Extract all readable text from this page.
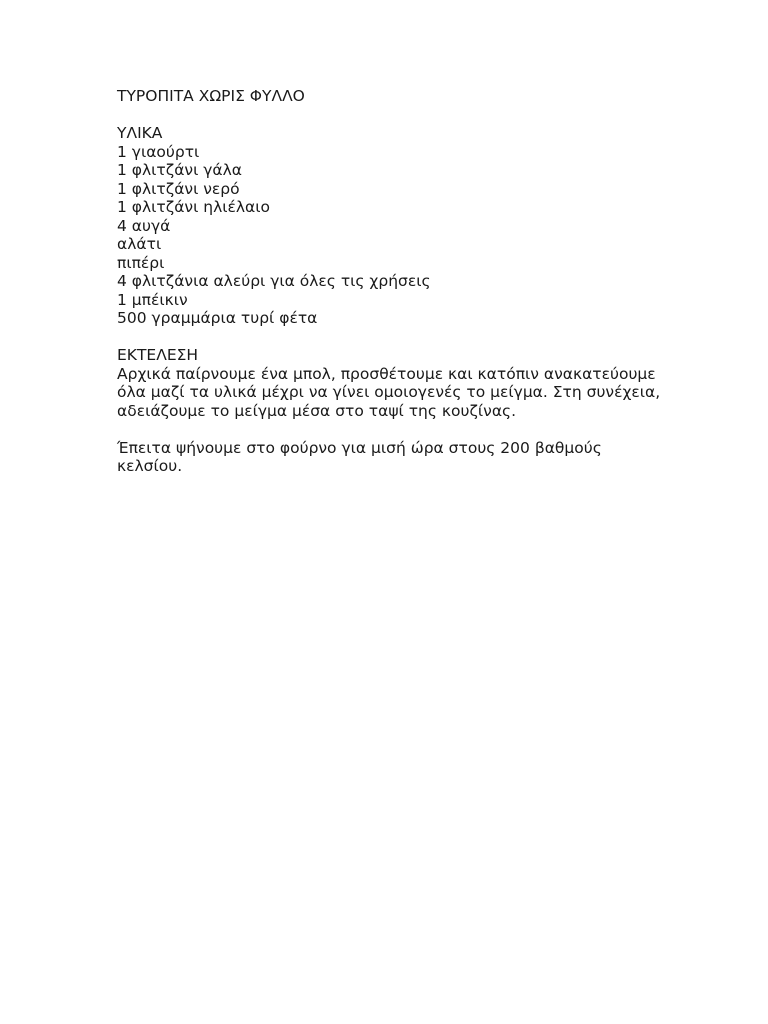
ΤΥΡΟΠΙΤΑ ΧΩΡΙΣ ΦΥΛΛΟ
ΥΛΙΚΑ
1 γιαούρτι
1 φλιτζάνι γάλα
1 φλιτζάνι νερό
1 φλιτζάνι ηλιέλαιο
4 αυγά
αλάτι
πιπέρι
4 φλιτζάνια αλεύρι για όλες τις χρήσεις
1 μπέικιν
500 γραμμάρια τυρί φέτα
ΕΚΤΕΛΕΣΗ

Αρχικά παίρνουμε ένα μπολ, προσθέτουμε και κατόπιν ανακατεύουμε όλα μαζί τα υλικά μέχρι να γίνει ομοιογενές το μείγμα. Στη συνέχεια, αδειάζουμε το μείγμα μέσα στο ταψί της κουζίνας.

Έπειτα ψήνουμε στο φούρνο για μισή ώρα στους 200 βαθμούς κελσίου.
